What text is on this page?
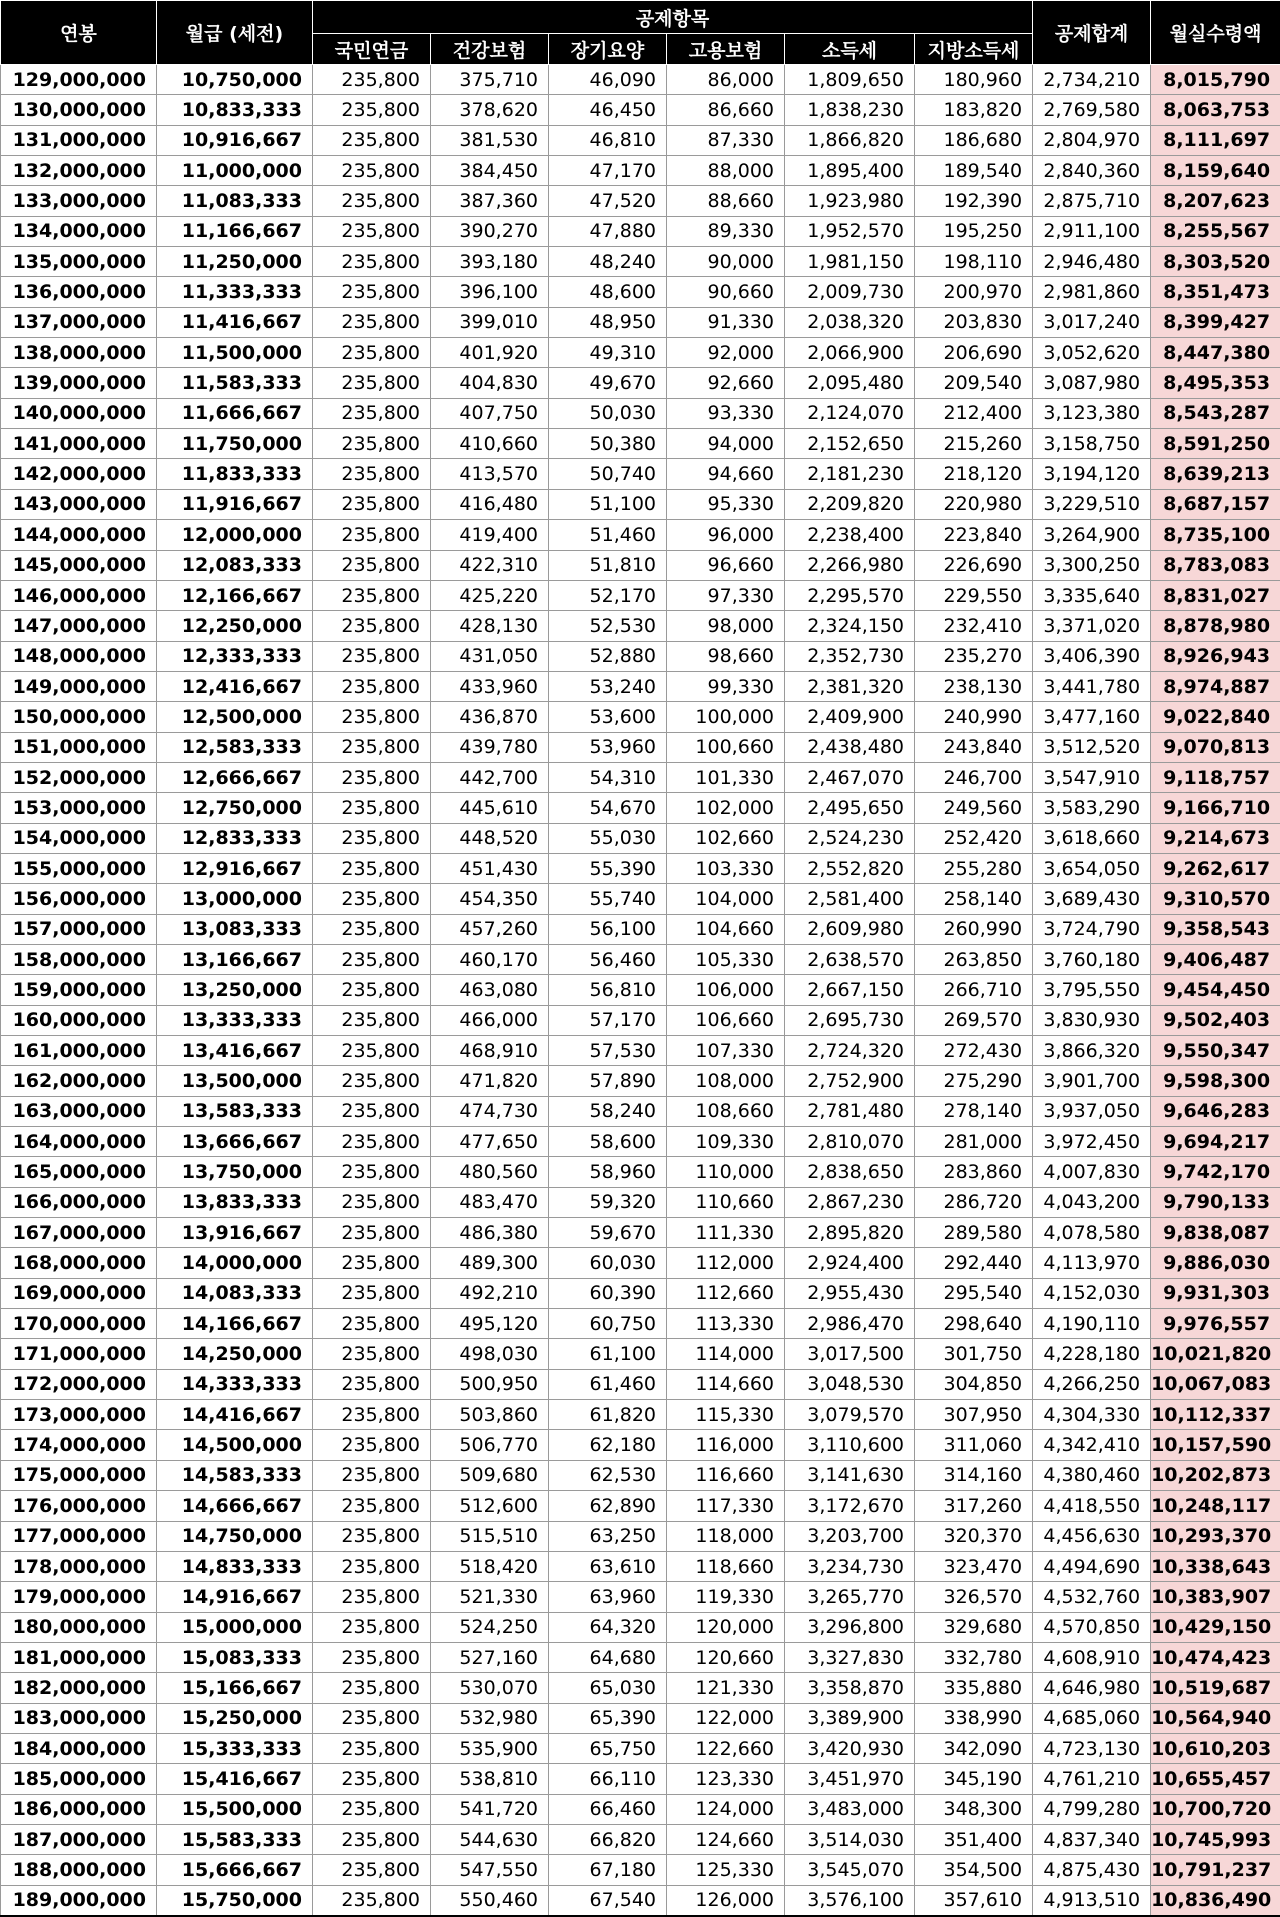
연봉	월급 (세전)	공제항목						공제합계	월실수령액
		국민연금	건강보험	장기요양	고용보험	소득세	지방소득세		
129,000,000	10,750,000	235,800	375,710	46,090	86,000	1,809,650	180,960	2,734,210	8,015,790
130,000,000	10,833,333	235,800	378,620	46,450	86,660	1,838,230	183,820	2,769,580	8,063,753
131,000,000	10,916,667	235,800	381,530	46,810	87,330	1,866,820	186,680	2,804,970	8,111,697
132,000,000	11,000,000	235,800	384,450	47,170	88,000	1,895,400	189,540	2,840,360	8,159,640
133,000,000	11,083,333	235,800	387,360	47,520	88,660	1,923,980	192,390	2,875,710	8,207,623
134,000,000	11,166,667	235,800	390,270	47,880	89,330	1,952,570	195,250	2,911,100	8,255,567
135,000,000	11,250,000	235,800	393,180	48,240	90,000	1,981,150	198,110	2,946,480	8,303,520
136,000,000	11,333,333	235,800	396,100	48,600	90,660	2,009,730	200,970	2,981,860	8,351,473
137,000,000	11,416,667	235,800	399,010	48,950	91,330	2,038,320	203,830	3,017,240	8,399,427
138,000,000	11,500,000	235,800	401,920	49,310	92,000	2,066,900	206,690	3,052,620	8,447,380
139,000,000	11,583,333	235,800	404,830	49,670	92,660	2,095,480	209,540	3,087,980	8,495,353
140,000,000	11,666,667	235,800	407,750	50,030	93,330	2,124,070	212,400	3,123,380	8,543,287
141,000,000	11,750,000	235,800	410,660	50,380	94,000	2,152,650	215,260	3,158,750	8,591,250
142,000,000	11,833,333	235,800	413,570	50,740	94,660	2,181,230	218,120	3,194,120	8,639,213
143,000,000	11,916,667	235,800	416,480	51,100	95,330	2,209,820	220,980	3,229,510	8,687,157
144,000,000	12,000,000	235,800	419,400	51,460	96,000	2,238,400	223,840	3,264,900	8,735,100
145,000,000	12,083,333	235,800	422,310	51,810	96,660	2,266,980	226,690	3,300,250	8,783,083
146,000,000	12,166,667	235,800	425,220	52,170	97,330	2,295,570	229,550	3,335,640	8,831,027
147,000,000	12,250,000	235,800	428,130	52,530	98,000	2,324,150	232,410	3,371,020	8,878,980
148,000,000	12,333,333	235,800	431,050	52,880	98,660	2,352,730	235,270	3,406,390	8,926,943
149,000,000	12,416,667	235,800	433,960	53,240	99,330	2,381,320	238,130	3,441,780	8,974,887
150,000,000	12,500,000	235,800	436,870	53,600	100,000	2,409,900	240,990	3,477,160	9,022,840
151,000,000	12,583,333	235,800	439,780	53,960	100,660	2,438,480	243,840	3,512,520	9,070,813
152,000,000	12,666,667	235,800	442,700	54,310	101,330	2,467,070	246,700	3,547,910	9,118,757
153,000,000	12,750,000	235,800	445,610	54,670	102,000	2,495,650	249,560	3,583,290	9,166,710
154,000,000	12,833,333	235,800	448,520	55,030	102,660	2,524,230	252,420	3,618,660	9,214,673
155,000,000	12,916,667	235,800	451,430	55,390	103,330	2,552,820	255,280	3,654,050	9,262,617
156,000,000	13,000,000	235,800	454,350	55,740	104,000	2,581,400	258,140	3,689,430	9,310,570
157,000,000	13,083,333	235,800	457,260	56,100	104,660	2,609,980	260,990	3,724,790	9,358,543
158,000,000	13,166,667	235,800	460,170	56,460	105,330	2,638,570	263,850	3,760,180	9,406,487
159,000,000	13,250,000	235,800	463,080	56,810	106,000	2,667,150	266,710	3,795,550	9,454,450
160,000,000	13,333,333	235,800	466,000	57,170	106,660	2,695,730	269,570	3,830,930	9,502,403
161,000,000	13,416,667	235,800	468,910	57,530	107,330	2,724,320	272,430	3,866,320	9,550,347
162,000,000	13,500,000	235,800	471,820	57,890	108,000	2,752,900	275,290	3,901,700	9,598,300
163,000,000	13,583,333	235,800	474,730	58,240	108,660	2,781,480	278,140	3,937,050	9,646,283
164,000,000	13,666,667	235,800	477,650	58,600	109,330	2,810,070	281,000	3,972,450	9,694,217
165,000,000	13,750,000	235,800	480,560	58,960	110,000	2,838,650	283,860	4,007,830	9,742,170
166,000,000	13,833,333	235,800	483,470	59,320	110,660	2,867,230	286,720	4,043,200	9,790,133
167,000,000	13,916,667	235,800	486,380	59,670	111,330	2,895,820	289,580	4,078,580	9,838,087
168,000,000	14,000,000	235,800	489,300	60,030	112,000	2,924,400	292,440	4,113,970	9,886,030
169,000,000	14,083,333	235,800	492,210	60,390	112,660	2,955,430	295,540	4,152,030	9,931,303
170,000,000	14,166,667	235,800	495,120	60,750	113,330	2,986,470	298,640	4,190,110	9,976,557
171,000,000	14,250,000	235,800	498,030	61,100	114,000	3,017,500	301,750	4,228,180	10,021,820
172,000,000	14,333,333	235,800	500,950	61,460	114,660	3,048,530	304,850	4,266,250	10,067,083
173,000,000	14,416,667	235,800	503,860	61,820	115,330	3,079,570	307,950	4,304,330	10,112,337
174,000,000	14,500,000	235,800	506,770	62,180	116,000	3,110,600	311,060	4,342,410	10,157,590
175,000,000	14,583,333	235,800	509,680	62,530	116,660	3,141,630	314,160	4,380,460	10,202,873
176,000,000	14,666,667	235,800	512,600	62,890	117,330	3,172,670	317,260	4,418,550	10,248,117
177,000,000	14,750,000	235,800	515,510	63,250	118,000	3,203,700	320,370	4,456,630	10,293,370
178,000,000	14,833,333	235,800	518,420	63,610	118,660	3,234,730	323,470	4,494,690	10,338,643
179,000,000	14,916,667	235,800	521,330	63,960	119,330	3,265,770	326,570	4,532,760	10,383,907
180,000,000	15,000,000	235,800	524,250	64,320	120,000	3,296,800	329,680	4,570,850	10,429,150
181,000,000	15,083,333	235,800	527,160	64,680	120,660	3,327,830	332,780	4,608,910	10,474,423
182,000,000	15,166,667	235,800	530,070	65,030	121,330	3,358,870	335,880	4,646,980	10,519,687
183,000,000	15,250,000	235,800	532,980	65,390	122,000	3,389,900	338,990	4,685,060	10,564,940
184,000,000	15,333,333	235,800	535,900	65,750	122,660	3,420,930	342,090	4,723,130	10,610,203
185,000,000	15,416,667	235,800	538,810	66,110	123,330	3,451,970	345,190	4,761,210	10,655,457
186,000,000	15,500,000	235,800	541,720	66,460	124,000	3,483,000	348,300	4,799,280	10,700,720
187,000,000	15,583,333	235,800	544,630	66,820	124,660	3,514,030	351,400	4,837,340	10,745,993
188,000,000	15,666,667	235,800	547,550	67,180	125,330	3,545,070	354,500	4,875,430	10,791,237
189,000,000	15,750,000	235,800	550,460	67,540	126,000	3,576,100	357,610	4,913,510	10,836,490
